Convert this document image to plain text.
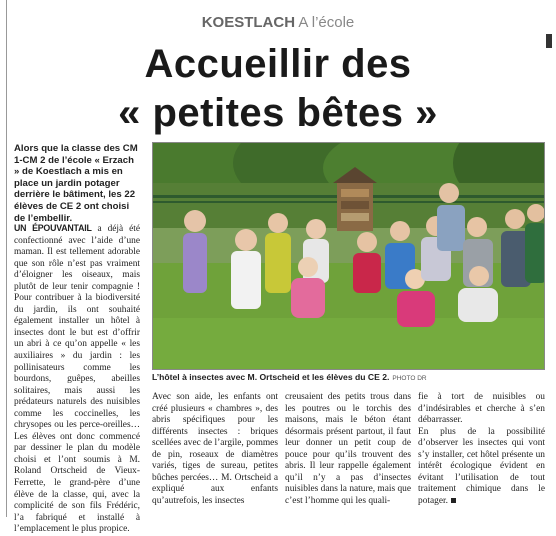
KOESTLACH A l’école
Accueillir des
« petites bêtes »
Alors que la classe des CM 1-CM 2 de l’école « Erzach » de Koestlach a mis en place un jardin potager derrière le bâtiment, les 22 élèves de CE 2 ont choisi de l’embellir.

UN ÉPOUVANTAIL a déjà été confectionné avec l’aide d’une maman. Il est tellement adorable que son rôle n’est pas vraiment d’éloigner les oiseaux, mais plutôt de leur tenir compagnie ! Pour contribuer à la biodiversité du jardin, ils ont souhaité également installer un hôtel à insectes dont le but est d’offrir un abri à ce qu’on appelle « les auxiliaires » du jardin : les pollinisateurs comme les bourdons, guêpes, abeilles solitaires, mais aussi les prédateurs naturels des nuisibles comme les coccinelles, les chrysopes ou les perce-oreilles… Les élèves ont donc commencé par dessiner le plan du modèle choisi et l’ont soumis à M. Roland Ortscheid de Vieux-Ferrette, le grand-père d’une élève de la classe, qui, avec la complicité de son fils Frédéric, l’a fabriqué et installé à l’emplacement le plus propice.

L’hôtel à insectes avec M. Ortscheid et les élèves du CE 2. PHOTO DR

Avec son aide, les enfants ont créé plusieurs « chambres », des abris spécifiques pour les différents insectes : briques scellées avec de l’argile, pommes de pin, roseaux de diamètres variés, tiges de sureau, petites bûches percées… M. Ortscheid a expliqué aux enfants qu’autrefois, les insectes

creusaient des petits trous dans les poutres ou le torchis des maisons, mais le béton étant désormais présent partout, il faut leur donner un petit coup de pouce pour qu’ils trouvent des abris. Il leur rappelle également qu’il n’y a pas d’insectes nuisibles dans la nature, mais que c’est l’homme qui les quali-

fie à tort de nuisibles ou d’indésirables et cherche à s’en débarrasser.

En plus de la possibilité d’observer les insectes qui vont s’y installer, cet hôtel présente un intérêt écologique évident en évitant l’utilisation de tout traitement chimique dans le potager.
